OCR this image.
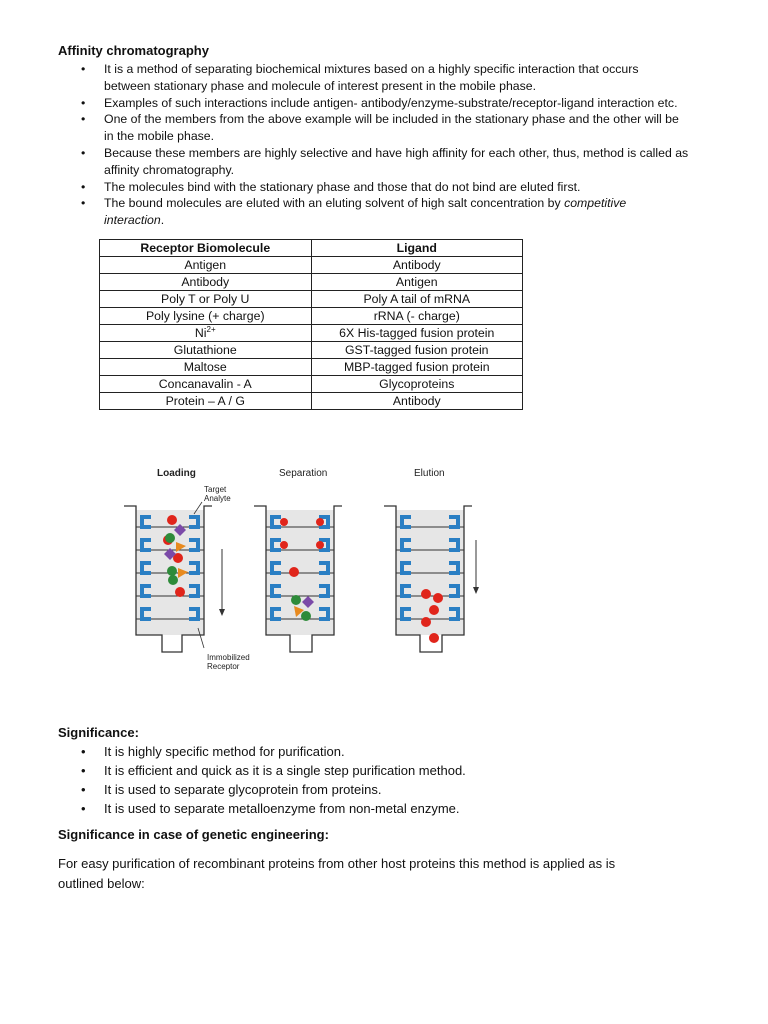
Affinity chromatography
• It is a method of separating biochemical mixtures based on a highly specific interaction that occurs
between stationary phase and molecule of interest present in the mobile phase.
• Examples of such interactions include antigen- antibody/enzyme-substrate/receptor-ligand interaction etc.
• One of the members from the above example will be included in the stationary phase and the other will be
in the mobile phase.
• Because these members are highly selective and have high affinity for each other, thus, method is called as
affinity chromatography.
• The molecules bind with the stationary phase and those that do not bind are eluted first.
• The bound molecules are eluted with an eluting solvent of high salt concentration by competitive
interaction.
Receptor Biomolecule	Ligand
Antigen	Antibody
Antibody	Antigen
Poly T or Poly U	Poly A tail of mRNA
Poly lysine (+ charge)	rRNA (- charge)
$Ni^{2+}$	6X His-tagged fusion protein
Glutathione	GST-tagged fusion protein
Maltose	MBP-tagged fusion protein
Concanavalin - A	Glycoproteins
Protein – A / G	Antibody
Loading	Separation	Elution
Target
Analyte
Immobilized
Receptor
Significance:
• It is highly specific method for purification.
• It is efficient and quick as it is a single step purification method.
• It is used to separate glycoprotein from proteins.
• It is used to separate metalloenzyme from non-metal enzyme.
Significance in case of genetic engineering:
For easy purification of recombinant proteins from other host proteins this method is applied as is
outlined below:
